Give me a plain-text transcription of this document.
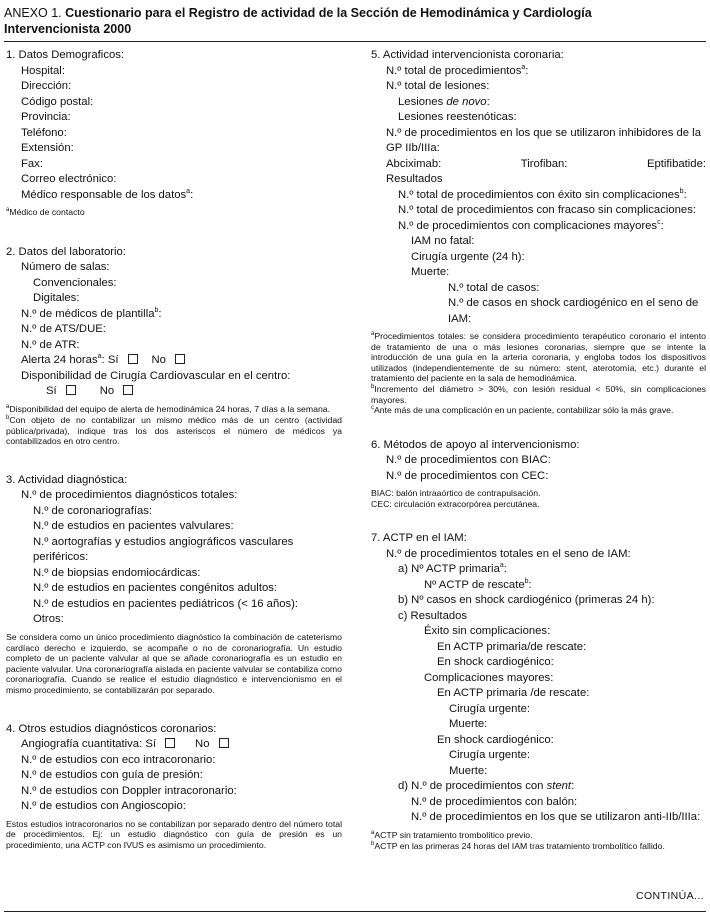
ANEXO 1. Cuestionario para el Registro de actividad de la Sección de Hemodinámica y Cardiología
Intervencionista 2000
1. Datos Demograficos:
Hospital:
Dirección:
Código postal:
Provincia:
Teléfono:
Extensión:
Fax:
Correo electrónico:
Médico responsable de los datos$^a$:
$^a$Médico de contacto
2. Datos del laboratorio:
Número de salas:
Convencionales:
Digitales:
N.º de médicos de plantilla$^b$:
N.º de ATS/DUE:
N.º de ATR:
Alerta 24 horas$^a$: Sí	No
Disponibilidad de Cirugía Cardiovascular en el centro:
Sí	No
$^a$Disponibilidad del equipo de alerta de hemodinámica 24 horas, 7 días a la semana.
$^b$Con objeto de no contabilizar un mismo médico más de un centro (actividad pública/privada), indique tras los dos asteriscos el número de médicos ya contabilizados en otro centro.
3. Actividad diagnóstica:
N.º de procedimientos diagnósticos totales:
N.º de coronariografías:
N.º de estudios en pacientes valvulares:
N.º aortografías y estudios angiográficos vasculares
periféricos:
N.º de biopsias endomiocárdicas:
N.º de estudios en pacientes congénitos adultos:
N.º de estudios en pacientes pediátricos (< 16 años):
Otros:
Se considera como un único procedimiento diagnóstico la combinación de cateterismo cardíaco derecho e izquierdo, se acompañe o no de coronariografía. Un estudio completo de un paciente valvular al que se añade coronariografía es un estudio en paciente valvular. Una coronariografía aislada en paciente valvular se contabiliza como coronariografía. Cuando se realice el estudio diagnóstico e intervencionismo en el mismo procedimiento, se contabilizarán por separado.
4. Otros estudios diagnósticos coronarios:
Angiografía cuantitativa: Sí	No
N.º de estudios con eco intracoronario:
N.º de estudios con guía de presión:
N.º de estudios con Doppler intracoronario:
N.º de estudios con Angioscopio:
Estos estudios intracoronarios no se contabilizan por separado dentro del número total de procedimientos. Ej: un estudio diagnóstico con guía de presión es un procedimiento, una ACTP con IVUS es asimismo un procedimiento.
5. Actividad intervencionista coronaria:
N.º total de procedimientos$^a$:
N.º total de lesiones:
Lesiones de novo:
Lesiones reestenóticas:
N.º de procedimientos en los que se utilizaron inhibidores de la
GP IIb/IIIa:
Abciximab:	Tirofiban:	Eptifibatide:
Resultados
N.º total de procedimientos con éxito sin complicaciones$^b$:
N.º total de procedimientos con fracaso sin complicaciones:
N.º de procedimientos con complicaciones mayores$^c$:
IAM no fatal:
Cirugía urgente (24 h):
Muerte:
N.º total de casos:
N.º de casos en shock cardiogénico en el seno de
IAM:
$^a$Procedimientos totales: se considera procedimiento terapéutico coronario el intento de tratamiento de una o más lesiones coronarias, siempre que se intente la introducción de una guía en la arteria coronaria, y engloba todos los dispositivos utilizados (independientemente de su número: stent, aterotomía, etc.) durante el tratamiento del paciente en la sala de hemodinámica.
$^b$Incremento del diámetro > 30%, con lesión residual < 50%, sin complicaciones mayores.
$^c$Ante más de una complicación en un paciente, contabilizar sólo la más grave.
6. Métodos de apoyo al intervencionismo:
N.º de procedimientos con BIAC:
N.º de procedimientos con CEC:
BIAC: balón intraaórtico de contrapulsación.
CEC: circulación extracorpórea percutánea.
7. ACTP en el IAM:
N.º de procedimientos totales en el seno de IAM:
a) Nº ACTP primaria$^a$:
Nº ACTP de rescate$^b$:
b) Nº casos en shock cardiogénico (primeras 24 h):
c) Resultados
Éxito sin complicaciones:
En ACTP primaria/de rescate:
En shock cardiogénico:
Complicaciones mayores:
En ACTP primaria /de rescate:
Cirugía urgente:
Muerte:
En shock cardiogénico:
Cirugía urgente:
Muerte:
d) N.º de procedimientos con stent:
N.º de procedimientos con balón:
N.º de procedimientos en los que se utilizaron anti-IIb/IIIa:
$^a$ACTP sin tratamiento trombolítico previo.
$^b$ACTP en las primeras 24 horas del IAM tras tratamiento trombolítico fallido.
CONTINÚA...
